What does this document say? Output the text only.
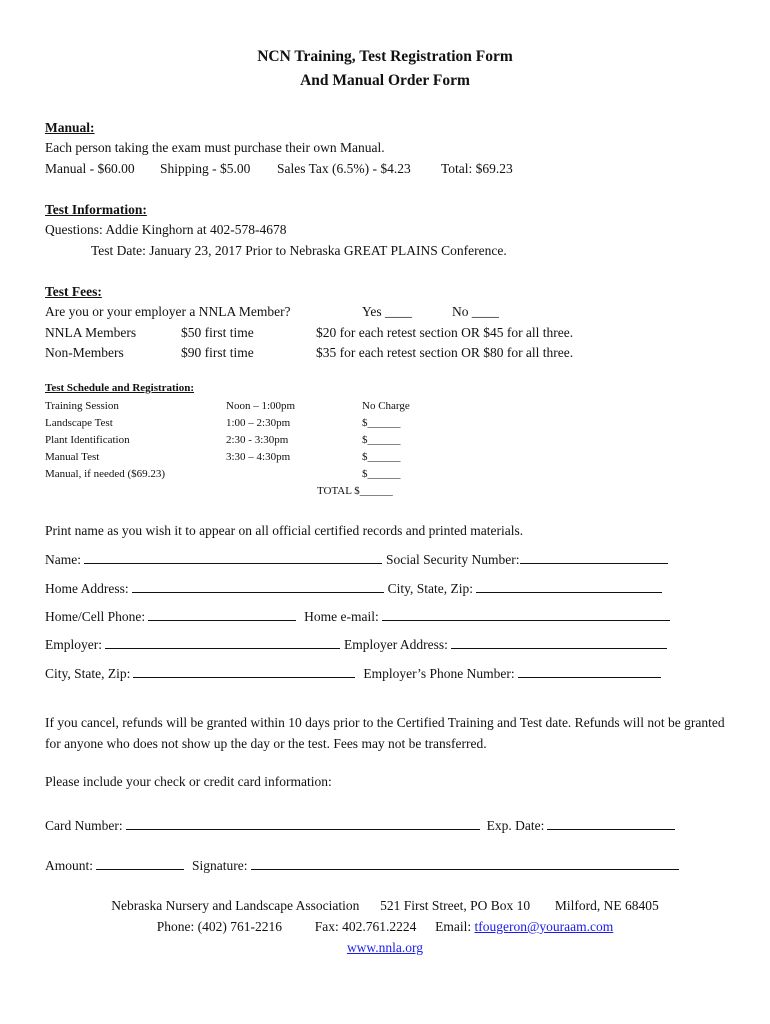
NCN Training, Test Registration Form
And Manual Order Form
Manual:
Each person taking the exam must purchase their own Manual.
Manual - $60.00 Shipping - $5.00 Sales Tax (6.5%) - $4.23 Total: $69.23
Test Information:
Questions: Addie Kinghorn at 402-578-4678
Test Date: January 23, 2017 Prior to Nebraska GREAT PLAINS Conference.
Test Fees:
Are you or your employer a NNLA Member?	Yes ____	No ____
NNLA Members	$50 first time	$20 for each retest section OR $45 for all three.
Non-Members	$90 first time	$35 for each retest section OR $80 for all three.
Test Schedule and Registration:
Training Session	Noon – 1:00pm	No Charge
Landscape Test	1:00 – 2:30pm	$______
Plant Identification	2:30 - 3:30pm	$______
Manual Test	3:30 – 4:30pm	$______
Manual, if needed ($69.23)	$______
TOTAL $______
Print name as you wish it to appear on all official certified records and printed materials.
Name:	Social Security Number:
Home Address:	City, State, Zip:
Home/Cell Phone:	Home e-mail:
Employer:	Employer Address:
City, State, Zip:	Employer’s Phone Number:
If you cancel, refunds will be granted within 10 days prior to the Certified Training and Test date. Refunds will not be granted for anyone who does not show up the day or the test. Fees may not be transferred.
Please include your check or credit card information:
Card Number:	Exp. Date:
Amount:	Signature:
Nebraska Nursery and Landscape Association 521 First Street, PO Box 10 Milford, NE 68405
Phone: (402) 761-2216 Fax: 402.761.2224 Email: tfougeron@youraam.com
www.nnla.org
